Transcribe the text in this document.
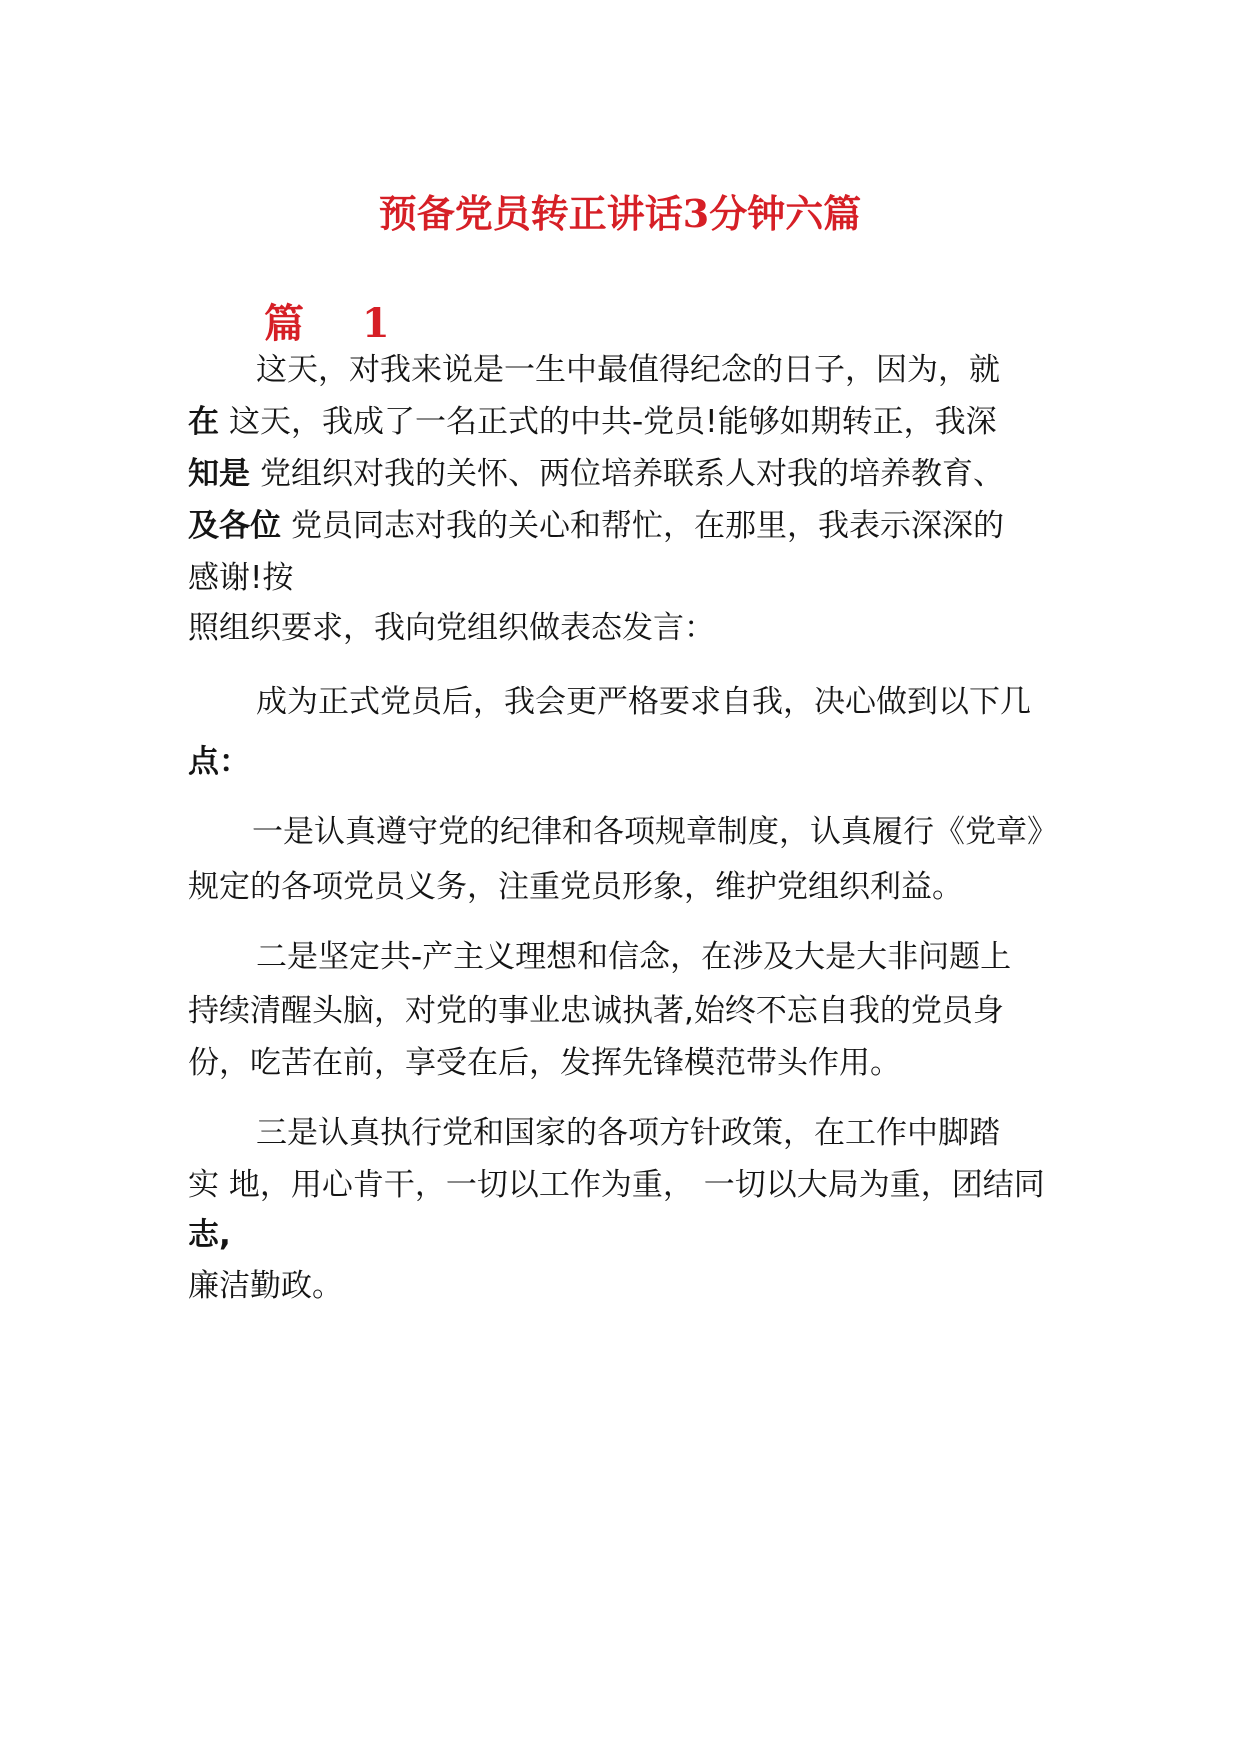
预备党员转正讲话3分钟六篇
篇 1
这天，对我来说是一生中最值得纪念的日子，因为，就
在 这天，我成了一名正式的中共-党员!能够如期转正，我深
知是 党组织对我的关怀、两位培养联系人对我的培养教育、
及各位 党员同志对我的关心和帮忙，在那里，我表示深深的
感谢!按
照组织要求，我向党组织做表态发言：
成为正式党员后，我会更严格要求自我，决心做到以下几
点：
一是认真遵守党的纪律和各项规章制度，认真履行《党章》
规定的各项党员义务，注重党员形象，维护党组织利益。
二是坚定共-产主义理想和信念，在涉及大是大非问题上
持续清醒头脑，对党的事业忠诚执著,始终不忘自我的党员身
份，吃苦在前，享受在后，发挥先锋模范带头作用。
三是认真执行党和国家的各项方针政策，在工作中脚踏
实 地，用心肯干，一切以工作为重， 一切以大局为重，团结同
志,
廉洁勤政。
